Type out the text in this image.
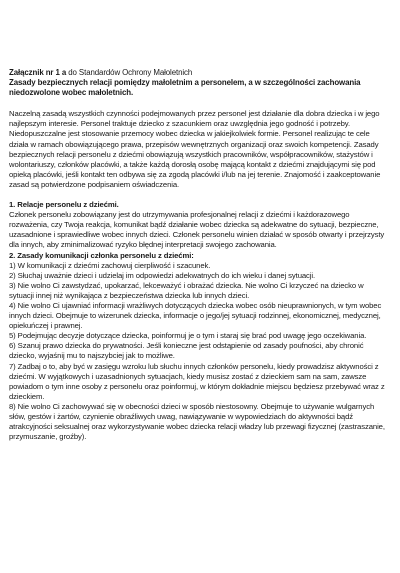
Załącznik nr 1 a do Standardów Ochrony Małoletnich

Zasady bezpiecznych relacji pomiędzy małoletnim a personelem, a w szczególności zachowania niedozwolone wobec małoletnich.

Naczelną zasadą wszystkich czynności podejmowanych przez personel jest działanie dla dobra dziecka i w jego najlepszym interesie. Personel traktuje dziecko z szacunkiem oraz uwzględnia jego godność i potrzeby. Niedopuszczalne jest stosowanie przemocy wobec dziecka w jakiejkolwiek formie. Personel realizując te cele działa w ramach obowiązującego prawa, przepisów wewnętrznych organizacji oraz swoich kompetencji. Zasady bezpiecznych relacji personelu z dziećmi obowiązują wszystkich pracowników, współpracowników, stażystów i wolontariuszy, członków placówki, a także każdą dorosłą osobę mającą kontakt z dziećmi znajdującymi się pod opieką placówki, jeśli kontakt ten odbywa się za zgodą placówki i/lub na jej terenie. Znajomość i zaakceptowanie zasad są potwierdzone podpisaniem oświadczenia.

1. Relacje personelu z dziećmi.

Członek personelu zobowiązany jest do utrzymywania profesjonalnej relacji z dziećmi i każdorazowego rozważenia, czy Twoja reakcja, komunikat bądź działanie wobec dziecka są adekwatne do sytuacji, bezpieczne, uzasadnione i sprawiedliwe wobec innych dzieci. Członek personelu winien działać w sposób otwarty i przejrzysty dla innych, aby zminimalizować ryzyko błędnej interpretacji swojego zachowania.

2. Zasady komunikacji członka personelu z dziećmi:

1) W komunikacji z dziećmi zachowuj cierpliwość i szacunek.

2) Słuchaj uważnie dzieci i udzielaj im odpowiedzi adekwatnych do ich wieku i danej sytuacji.

3) Nie wolno Ci zawstydzać, upokarzać, lekceważyć i obrażać dziecka. Nie wolno Ci krzyczeć na dziecko w sytuacji innej niż wynikająca z bezpieczeństwa dziecka lub innych dzieci.

4) Nie wolno Ci ujawniać informacji wrażliwych dotyczących dziecka wobec osób nieuprawnionych, w tym wobec innych dzieci. Obejmuje to wizerunek dziecka, informacje o jego/jej sytuacji rodzinnej, ekonomicznej, medycznej, opiekuńczej i prawnej.

5) Podejmując decyzje dotyczące dziecka, poinformuj je o tym i staraj się brać pod uwagę jego oczekiwania.

6) Szanuj prawo dziecka do prywatności. Jeśli konieczne jest odstąpienie od zasady poufności, aby chronić dziecko, wyjaśnij mu to najszybciej jak to możliwe.

7) Zadbaj o to, aby być w zasięgu wzroku lub słuchu innych członków personelu, kiedy prowadzisz aktywności z dziećmi. W wyjątkowych i uzasadnionych sytuacjach, kiedy musisz zostać z dzieckiem sam na sam, zawsze powiadom o tym inne osoby z personelu oraz poinformuj, w którym dokładnie miejscu będziesz przebywać wraz z dzieckiem.

8) Nie wolno Ci zachowywać się w obecności dzieci w sposób niestosowny. Obejmuje to używanie wulgarnych słów, gestów i żartów, czynienie obraźliwych uwag, nawiązywanie w wypowiedziach do aktywności bądź atrakcyjności seksualnej oraz wykorzystywanie wobec dziecka relacji władzy lub przewagi fizycznej (zastraszanie, przymuszanie, groźby).
